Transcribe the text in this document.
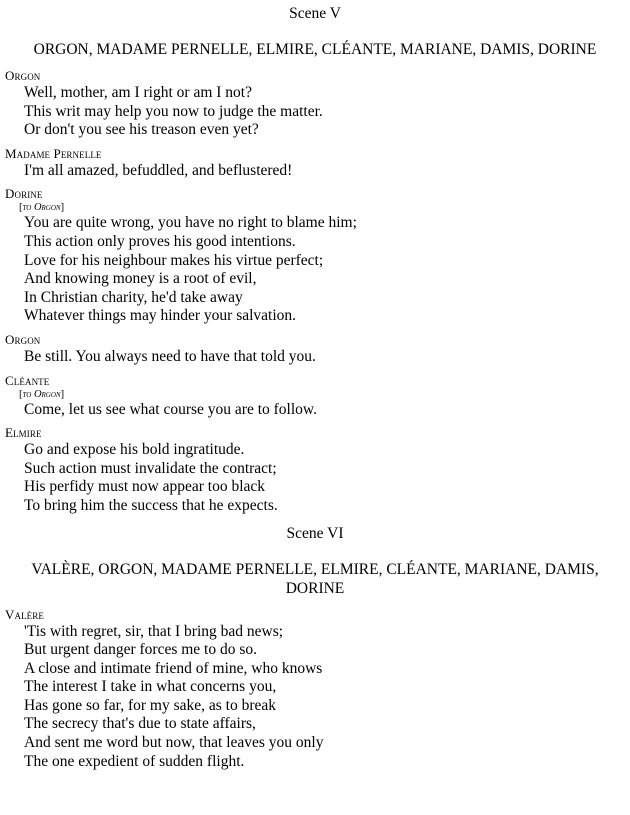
Scene V
ORGON, MADAME PERNELLE, ELMIRE, CLÉANTE, MARIANE, DAMIS, DORINE
Orgon
Well, mother, am I right or am I not?
This writ may help you now to judge the matter.
Or don't you see his treason even yet?
Madame Pernelle
I'm all amazed, befuddled, and beflustered!
Dorine
[to Orgon]
You are quite wrong, you have no right to blame him;
This action only proves his good intentions.
Love for his neighbour makes his virtue perfect;
And knowing money is a root of evil,
In Christian charity, he'd take away
Whatever things may hinder your salvation.
Orgon
Be still. You always need to have that told you.
Cléante
[to Orgon]
Come, let us see what course you are to follow.
Elmire
Go and expose his bold ingratitude.
Such action must invalidate the contract;
His perfidy must now appear too black
To bring him the success that he expects.
Scene VI
VALÈRE, ORGON, MADAME PERNELLE, ELMIRE, CLÉANTE, MARIANE, DAMIS, DORINE
Valère
'Tis with regret, sir, that I bring bad news;
But urgent danger forces me to do so.
A close and intimate friend of mine, who knows
The interest I take in what concerns you,
Has gone so far, for my sake, as to break
The secrecy that's due to state affairs,
And sent me word but now, that leaves you only
The one expedient of sudden flight.
